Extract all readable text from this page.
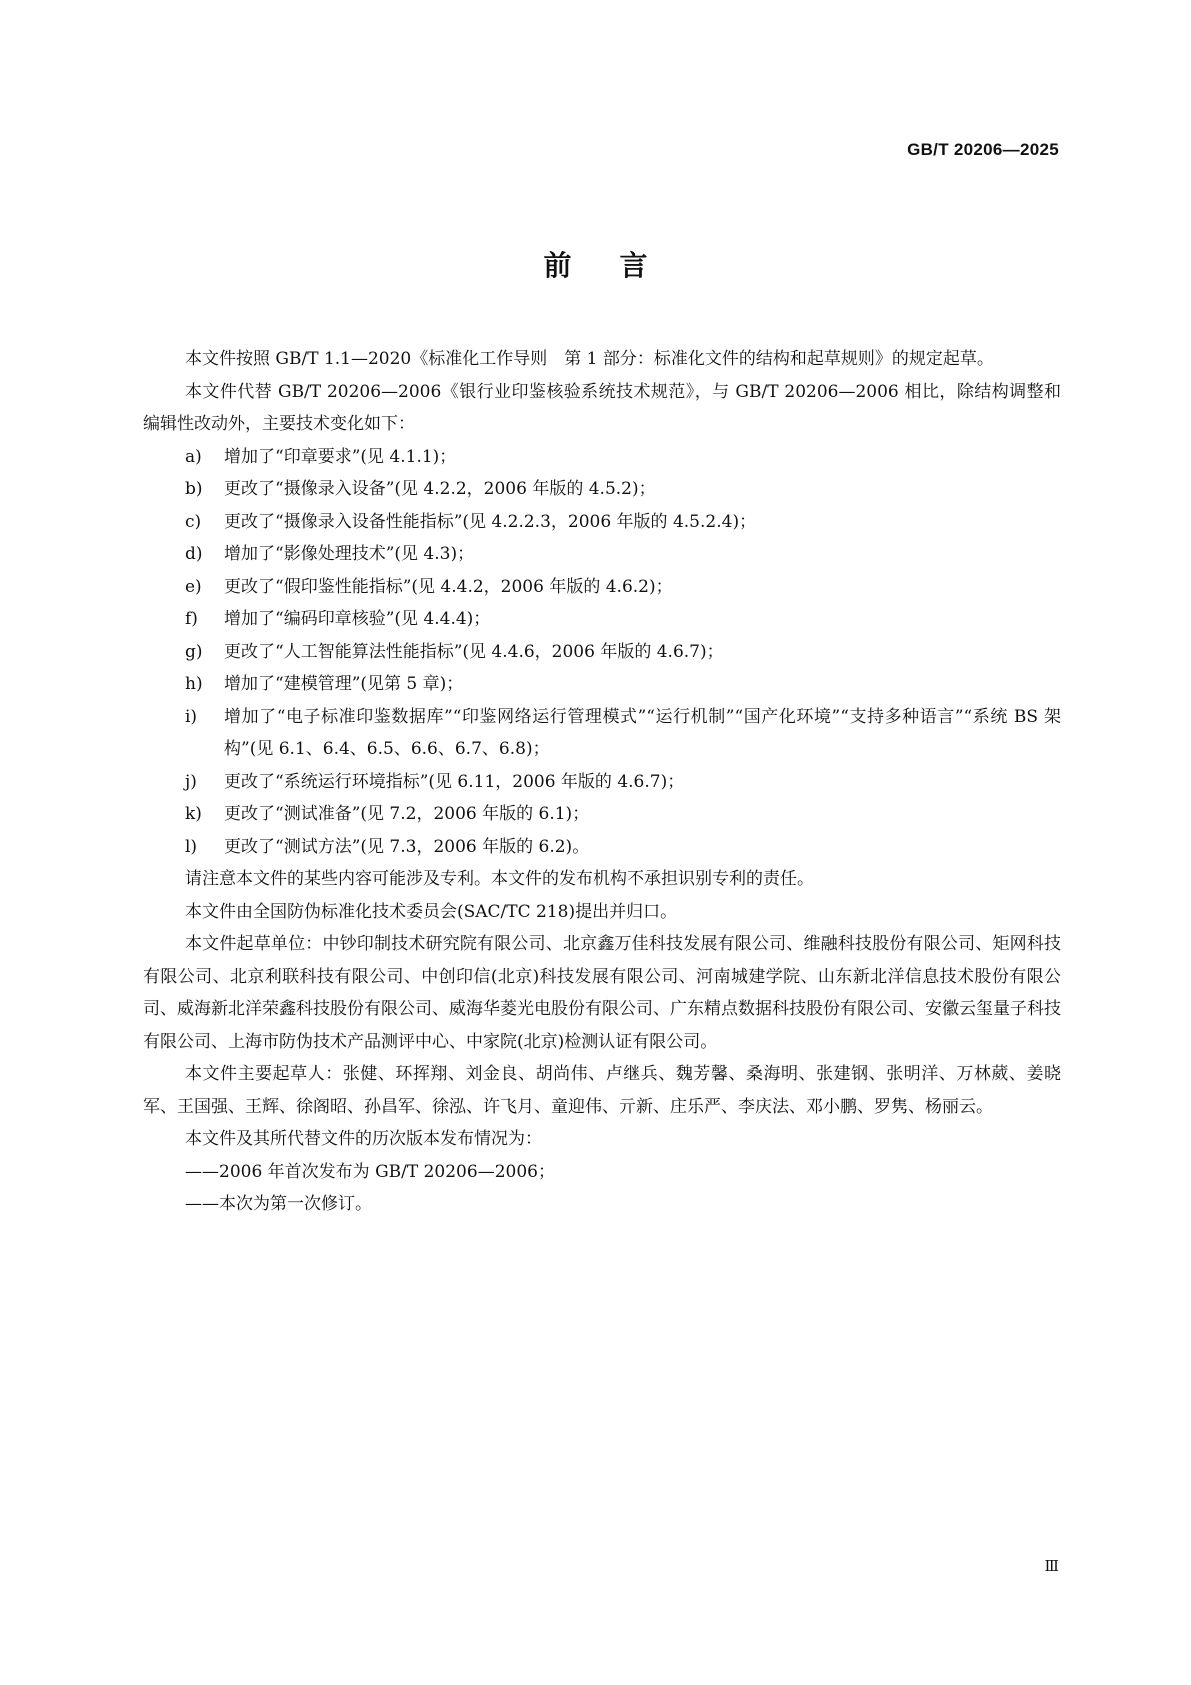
GB/T 20206—2025
前言

本文件按照 GB/T 1.1—2020《标准化工作导则　第 1 部分：标准化文件的结构和起草规则》的规定起草。

本文件代替 GB/T 20206—2006《银行业印鉴核验系统技术规范》，与 GB/T 20206—2006 相比，除结构调整和编辑性改动外，主要技术变化如下：

a)	增加了“印章要求”(见 4.1.1)；
b)	更改了“摄像录入设备”(见 4.2.2，2006 年版的 4.5.2)；
c)	更改了“摄像录入设备性能指标”(见 4.2.2.3，2006 年版的 4.5.2.4)；
d)	增加了“影像处理技术”(见 4.3)；
e)	更改了“假印鉴性能指标”(见 4.4.2，2006 年版的 4.6.2)；
f)	增加了“编码印章核验”(见 4.4.4)；
g)	更改了“人工智能算法性能指标”(见 4.4.6，2006 年版的 4.6.7)；
h)	增加了“建模管理”(见第 5 章)；
i)	增加了“电子标准印鉴数据库”“印鉴网络运行管理模式”“运行机制”“国产化环境”“支持多种语言”“系统 BS 架构”(见 6.1、6.4、6.5、6.6、6.7、6.8)；
j)	更改了“系统运行环境指标”(见 6.11，2006 年版的 4.6.7)；
k)	更改了“测试准备”(见 7.2，2006 年版的 6.1)；
l)	更改了“测试方法”(见 7.3，2006 年版的 6.2)。

请注意本文件的某些内容可能涉及专利。本文件的发布机构不承担识别专利的责任。

本文件由全国防伪标准化技术委员会(SAC/TC 218)提出并归口。

本文件起草单位：中钞印制技术研究院有限公司、北京鑫万佳科技发展有限公司、维融科技股份有限公司、矩网科技有限公司、北京利联科技有限公司、中创印信(北京)科技发展有限公司、河南城建学院、山东新北洋信息技术股份有限公司、威海新北洋荣鑫科技股份有限公司、威海华菱光电股份有限公司、广东精点数据科技股份有限公司、安徽云玺量子科技有限公司、上海市防伪技术产品测评中心、中家院(北京)检测认证有限公司。

本文件主要起草人：张健、环挥翔、刘金良、胡尚伟、卢继兵、魏芳馨、桑海明、张建钢、张明洋、万林葳、姜晓军、王国强、王辉、徐阁昭、孙昌军、徐泓、许飞月、童迎伟、亓新、庄乐严、李庆法、邓小鹏、罗隽、杨丽云。

本文件及其所代替文件的历次版本发布情况为：

——2006 年首次发布为 GB/T 20206—2006；

——本次为第一次修订。

Ⅲ
